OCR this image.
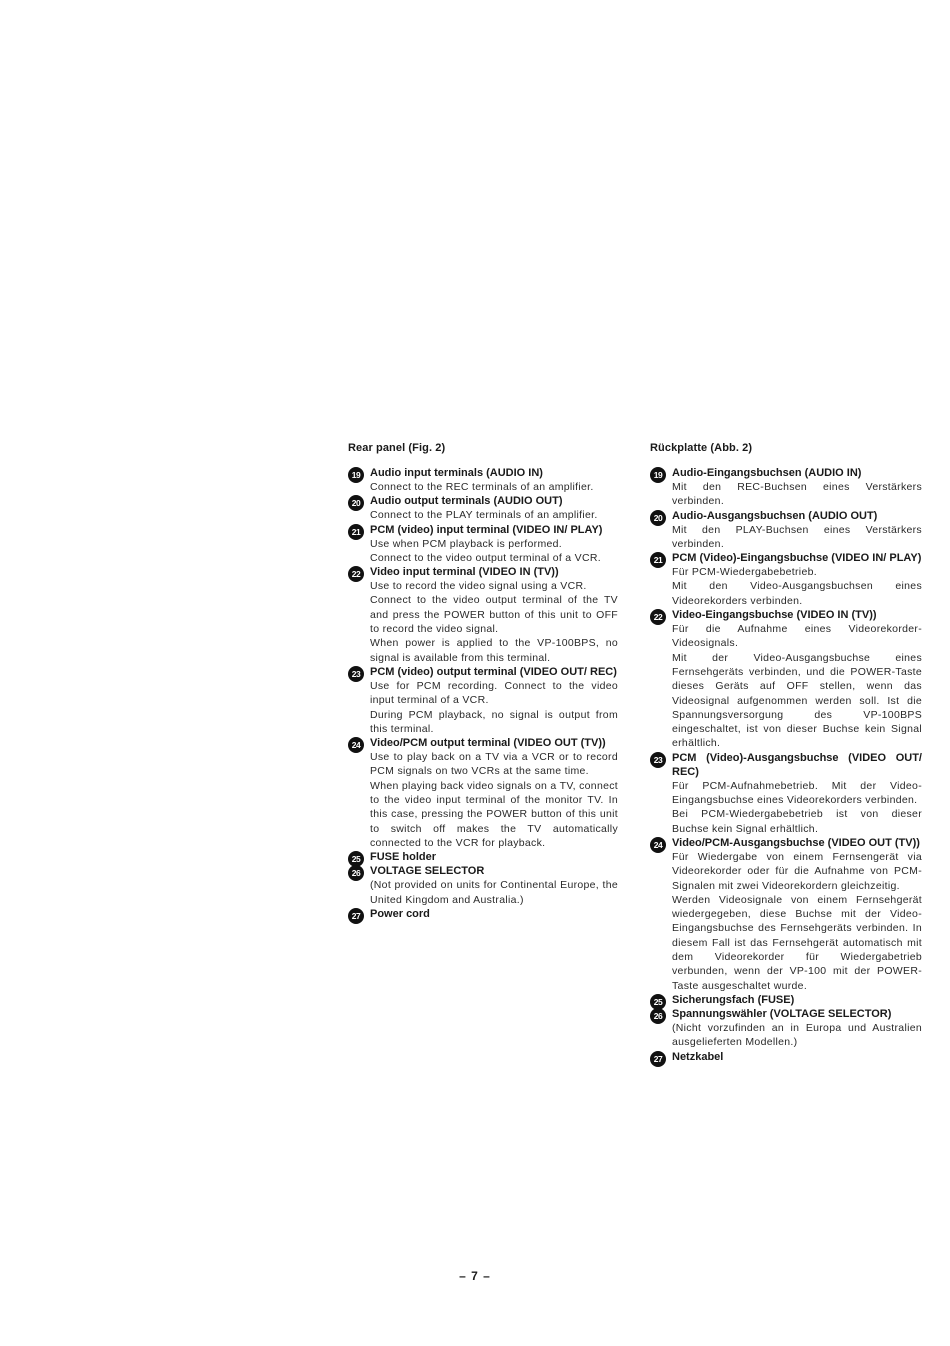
Rear panel (Fig. 2)
19 Audio input terminals (AUDIO IN)

Connect to the REC terminals of an amplifier.

20 Audio output terminals (AUDIO OUT)

Connect to the PLAY terminals of an amplifier.

21 PCM (video) input terminal (VIDEO IN/ PLAY)

Use when PCM playback is performed.

Connect to the video output terminal of a VCR.

22 Video input terminal (VIDEO IN (TV))

Use to record the video signal using a VCR.

Connect to the video output terminal of the TV and press the POWER button of this unit to OFF to record the video signal.

When power is applied to the VP-100BPS, no signal is available from this terminal.

23 PCM (video) output terminal (VIDEO OUT/ REC)

Use for PCM recording. Connect to the video input terminal of a VCR.

During PCM playback, no signal is output from this terminal.

24 Video/PCM output terminal (VIDEO OUT (TV))

Use to play back on a TV via a VCR or to record PCM signals on two VCRs at the same time.

When playing back video signals on a TV, connect to the video input terminal of the monitor TV. In this case, pressing the POWER button of this unit to switch off makes the TV automatically connected to the VCR for playback.

25 FUSE holder
26 VOLTAGE SELECTOR

(Not provided on units for Continental Europe, the United Kingdom and Australia.)

27 Power cord
Rückplatte (Abb. 2)
19 Audio-Eingangsbuchsen (AUDIO IN)

Mit den REC-Buchsen eines Verstärkers verbinden.

20 Audio-Ausgangsbuchsen (AUDIO OUT)

Mit den PLAY-Buchsen eines Verstärkers verbinden.

21 PCM (Video)-Eingangsbuchse (VIDEO IN/ PLAY)

Für PCM-Wiedergabebetrieb.

Mit den Video-Ausgangsbuchsen eines Videorekorders verbinden.

22 Video-Eingangsbuchse (VIDEO IN (TV))

Für die Aufnahme eines Videorekorder-Videosignals.

Mit der Video-Ausgangsbuchse eines Fernsehgeräts verbinden, und die POWER-Taste dieses Geräts auf OFF stellen, wenn das Videosignal aufgenommen werden soll. Ist die Spannungsversorgung des VP-100BPS eingeschaltet, ist von dieser Buchse kein Signal erhältlich.

23 PCM (Video)-Ausgangsbuchse (VIDEO OUT/ REC)

Für PCM-Aufnahmebetrieb. Mit der Video-Eingangsbuchse eines Videorekorders verbinden.

Bei PCM-Wiedergabebetrieb ist von dieser Buchse kein Signal erhältlich.

24 Video/PCM-Ausgangsbuchse (VIDEO OUT (TV))

Für Wiedergabe von einem Fernsengerät via Videorekorder oder für die Aufnahme von PCM-Signalen mit zwei Videorekordern gleichzeitig.

Werden Videosignale von einem Fernsehgerät wiedergegeben, diese Buchse mit der Video-Eingangsbuchse des Fernsehgeräts verbinden. In diesem Fall ist das Fernsehgerät automatisch mit dem Videorekorder für Wiedergabetrieb verbunden, wenn der VP-100 mit der POWER-Taste ausgeschaltet wurde.

25 Sicherungsfach (FUSE)
26 Spannungswähler (VOLTAGE SELECTOR)

(Nicht vorzufinden an in Europa und Australien ausgelieferten Modellen.)

27 Netzkabel
– 7 –
